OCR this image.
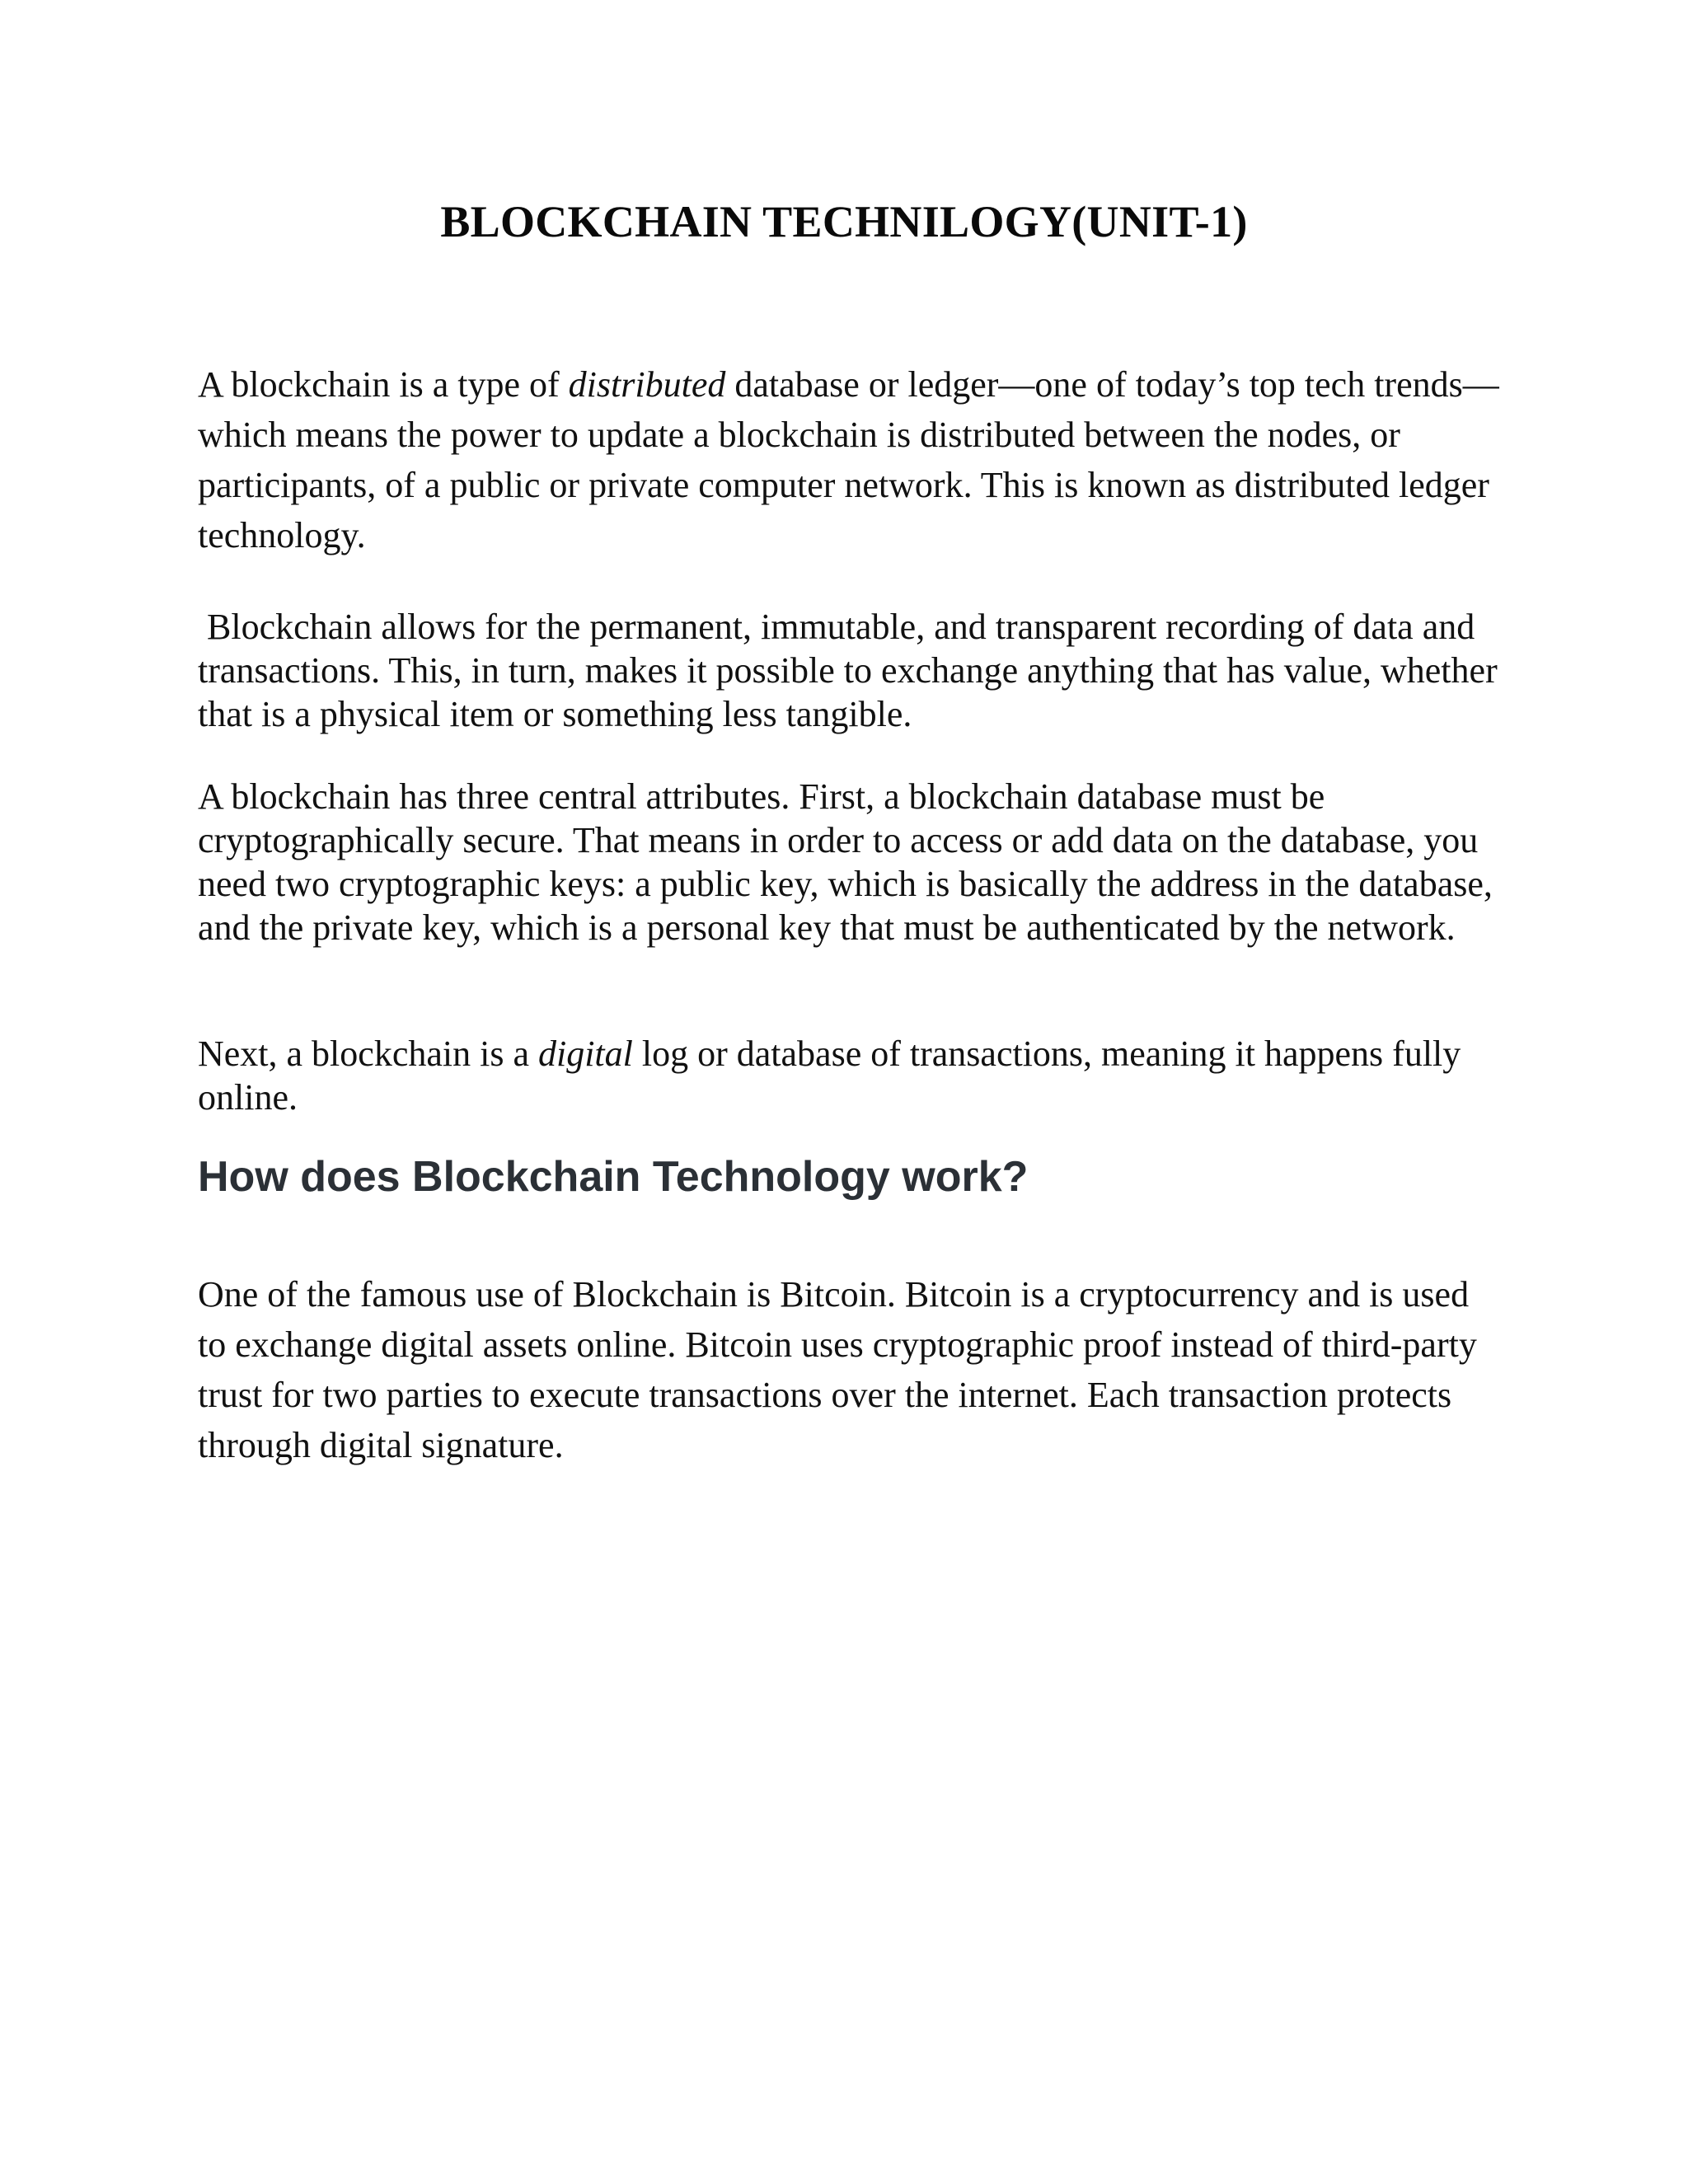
BLOCKCHAIN TECHNILOGY(UNIT-1)

A blockchain is a type of distributed database or ledger—one of today’s top tech trends—which means the power to update a blockchain is distributed between the nodes, or participants, of a public or private computer network. This is known as distributed ledger technology.

Blockchain allows for the permanent, immutable, and transparent recording of data and transactions. This, in turn, makes it possible to exchange anything that has value, whether that is a physical item or something less tangible.

A blockchain has three central attributes. First, a blockchain database must be cryptographically secure. That means in order to access or add data on the database, you need two cryptographic keys: a public key, which is basically the address in the database, and the private key, which is a personal key that must be authenticated by the network.

Next, a blockchain is a digital log or database of transactions, meaning it happens fully online.

How does Blockchain Technology work?

One of the famous use of Blockchain is Bitcoin. Bitcoin is a cryptocurrency and is used to exchange digital assets online. Bitcoin uses cryptographic proof instead of third-party trust for two parties to execute transactions over the internet. Each transaction protects through digital signature.
